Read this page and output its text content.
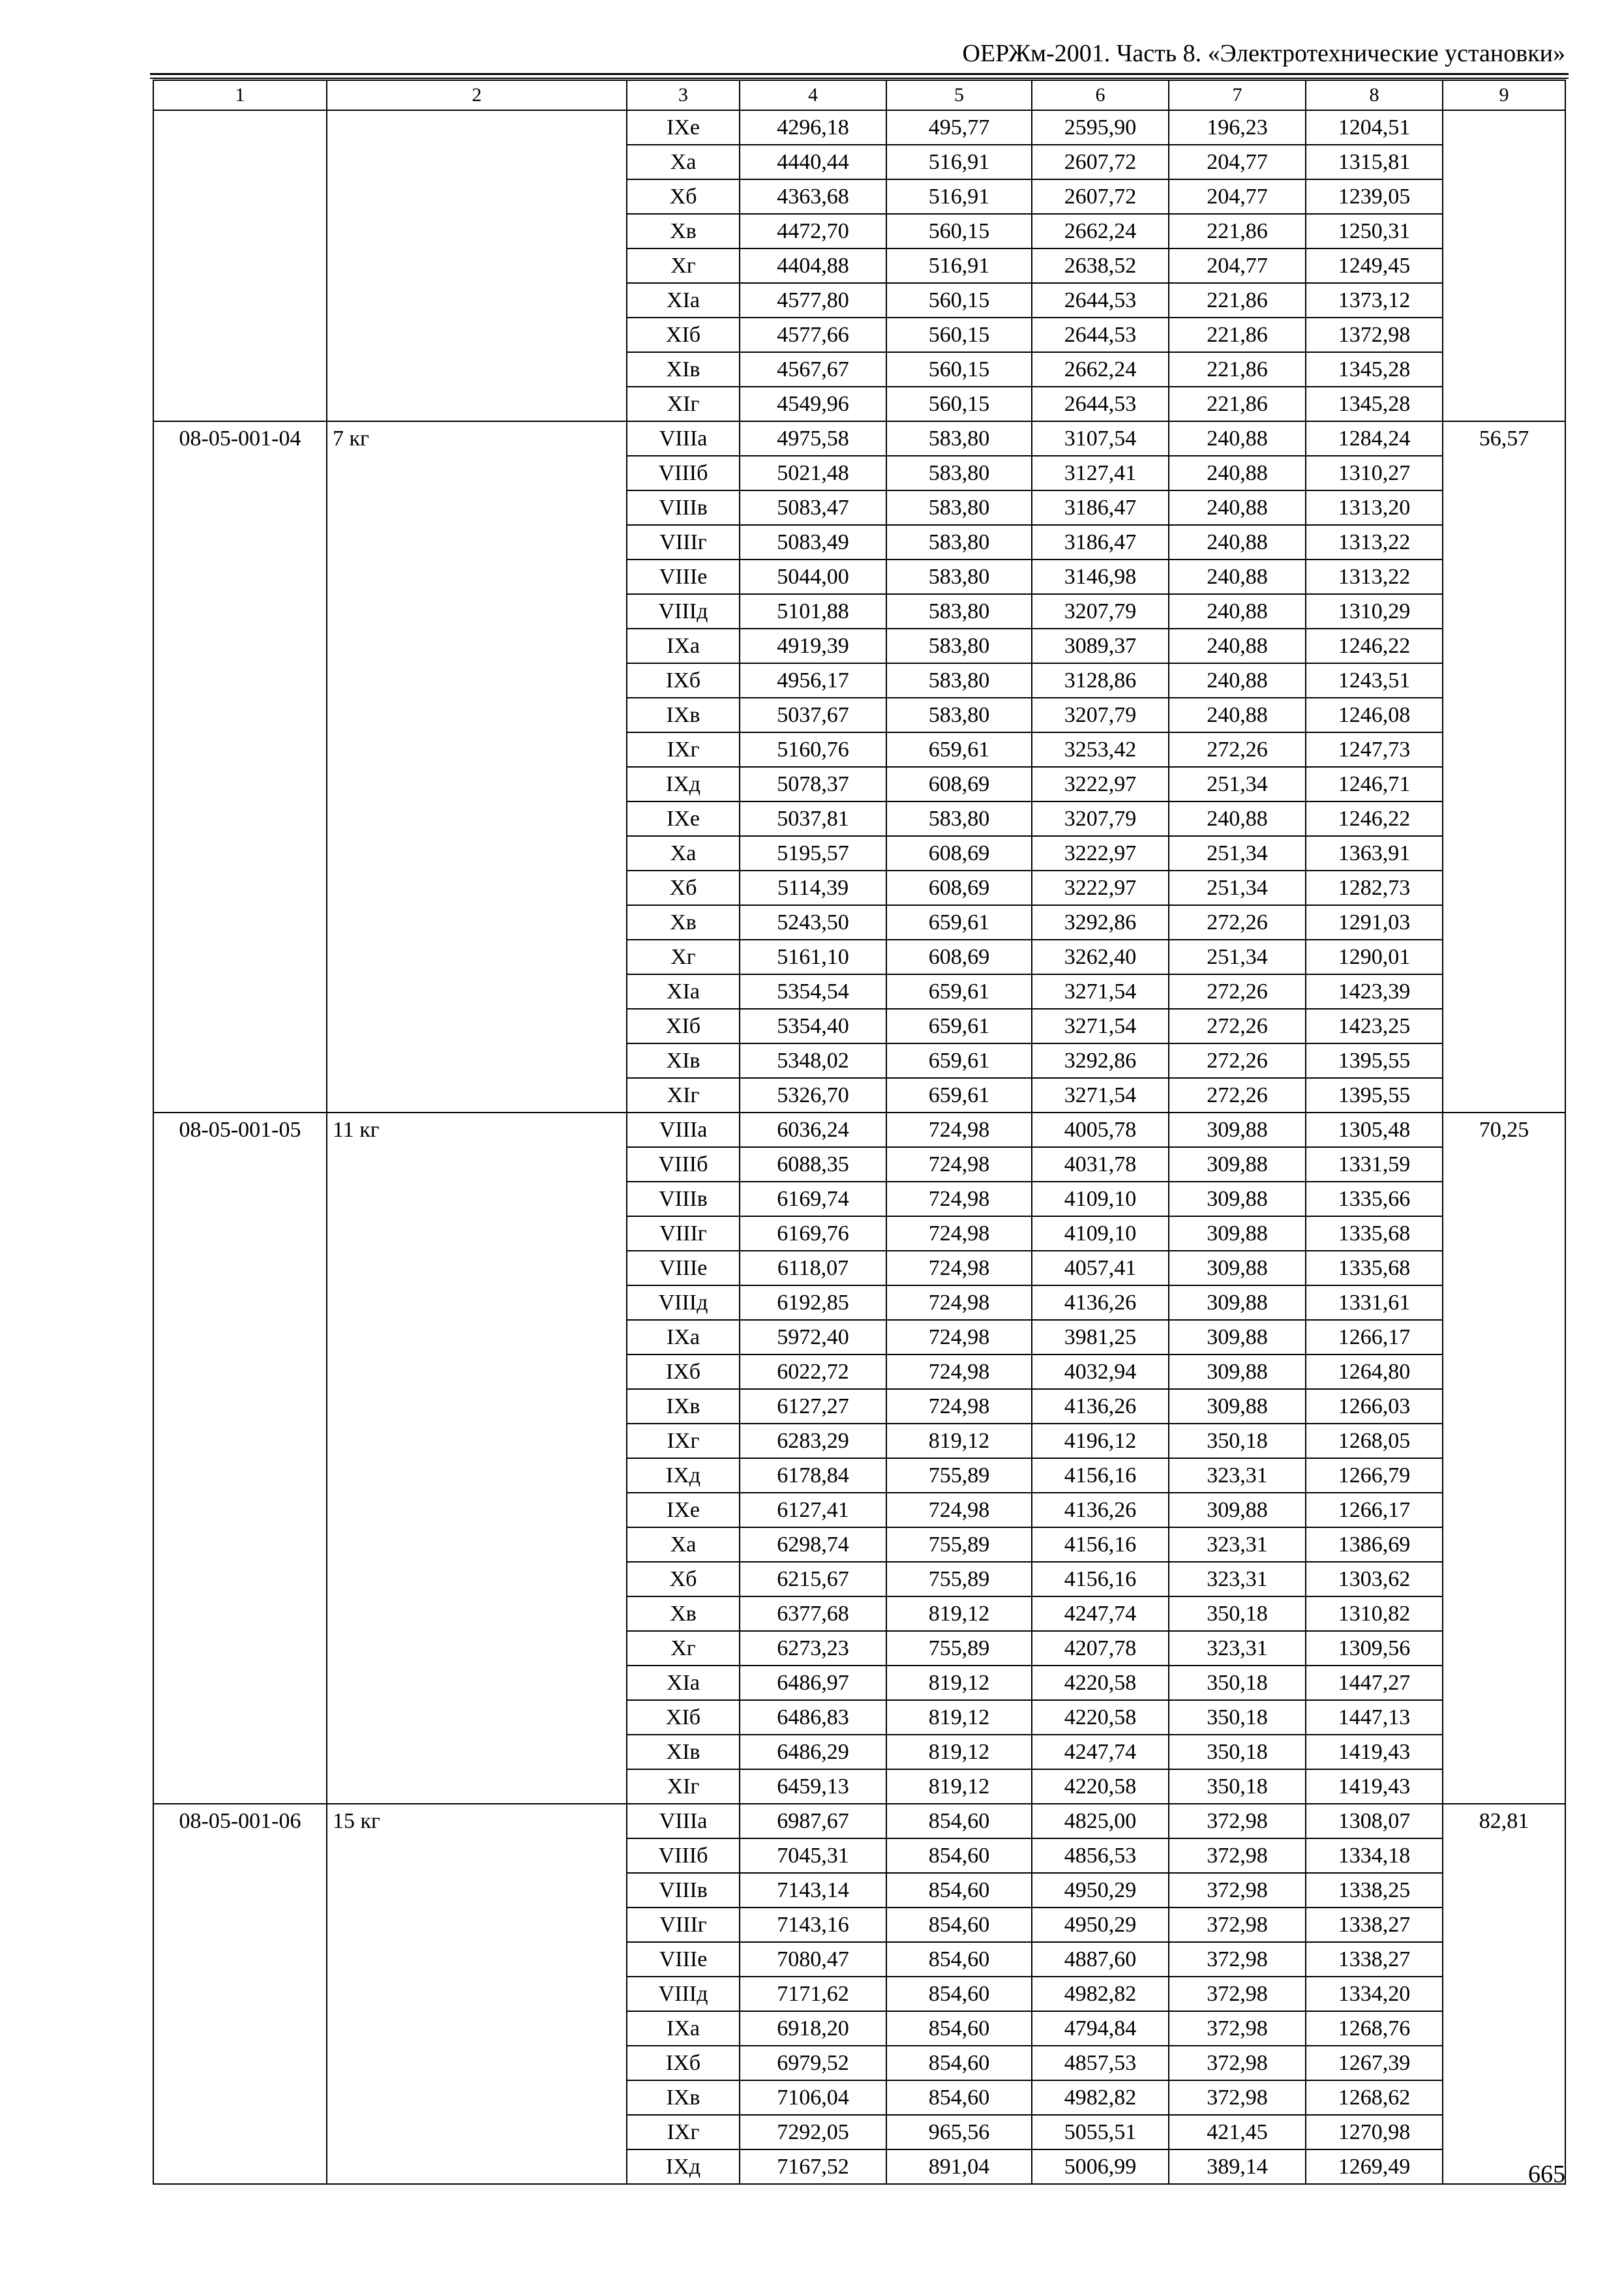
ОЕРЖм-2001. Часть 8. «Электротехнические установки»
1	2	3	4	5	6	7	8	9
		IXе	4296,18	495,77	2595,90	196,23	1204,51	
		Xа	4440,44	516,91	2607,72	204,77	1315,81	
		Xб	4363,68	516,91	2607,72	204,77	1239,05	
		Xв	4472,70	560,15	2662,24	221,86	1250,31	
		Xг	4404,88	516,91	2638,52	204,77	1249,45	
		XIа	4577,80	560,15	2644,53	221,86	1373,12	
		XIб	4577,66	560,15	2644,53	221,86	1372,98	
		XIв	4567,67	560,15	2662,24	221,86	1345,28	
		XIг	4549,96	560,15	2644,53	221,86	1345,28	
08-05-001-04	7 кг	VIIIа	4975,58	583,80	3107,54	240,88	1284,24	56,57
		VIIIб	5021,48	583,80	3127,41	240,88	1310,27	
		VIIIв	5083,47	583,80	3186,47	240,88	1313,20	
		VIIIг	5083,49	583,80	3186,47	240,88	1313,22	
		VIIIе	5044,00	583,80	3146,98	240,88	1313,22	
		VIIIд	5101,88	583,80	3207,79	240,88	1310,29	
		IXа	4919,39	583,80	3089,37	240,88	1246,22	
		IXб	4956,17	583,80	3128,86	240,88	1243,51	
		IXв	5037,67	583,80	3207,79	240,88	1246,08	
		IXг	5160,76	659,61	3253,42	272,26	1247,73	
		IXд	5078,37	608,69	3222,97	251,34	1246,71	
		IXе	5037,81	583,80	3207,79	240,88	1246,22	
		Xа	5195,57	608,69	3222,97	251,34	1363,91	
		Xб	5114,39	608,69	3222,97	251,34	1282,73	
		Xв	5243,50	659,61	3292,86	272,26	1291,03	
		Xг	5161,10	608,69	3262,40	251,34	1290,01	
		XIа	5354,54	659,61	3271,54	272,26	1423,39	
		XIб	5354,40	659,61	3271,54	272,26	1423,25	
		XIв	5348,02	659,61	3292,86	272,26	1395,55	
		XIг	5326,70	659,61	3271,54	272,26	1395,55	
08-05-001-05	11 кг	VIIIа	6036,24	724,98	4005,78	309,88	1305,48	70,25
		VIIIб	6088,35	724,98	4031,78	309,88	1331,59	
		VIIIв	6169,74	724,98	4109,10	309,88	1335,66	
		VIIIг	6169,76	724,98	4109,10	309,88	1335,68	
		VIIIе	6118,07	724,98	4057,41	309,88	1335,68	
		VIIIд	6192,85	724,98	4136,26	309,88	1331,61	
		IXа	5972,40	724,98	3981,25	309,88	1266,17	
		IXб	6022,72	724,98	4032,94	309,88	1264,80	
		IXв	6127,27	724,98	4136,26	309,88	1266,03	
		IXг	6283,29	819,12	4196,12	350,18	1268,05	
		IXд	6178,84	755,89	4156,16	323,31	1266,79	
		IXе	6127,41	724,98	4136,26	309,88	1266,17	
		Xа	6298,74	755,89	4156,16	323,31	1386,69	
		Xб	6215,67	755,89	4156,16	323,31	1303,62	
		Xв	6377,68	819,12	4247,74	350,18	1310,82	
		Xг	6273,23	755,89	4207,78	323,31	1309,56	
		XIа	6486,97	819,12	4220,58	350,18	1447,27	
		XIб	6486,83	819,12	4220,58	350,18	1447,13	
		XIв	6486,29	819,12	4247,74	350,18	1419,43	
		XIг	6459,13	819,12	4220,58	350,18	1419,43	
08-05-001-06	15 кг	VIIIа	6987,67	854,60	4825,00	372,98	1308,07	82,81
		VIIIб	7045,31	854,60	4856,53	372,98	1334,18	
		VIIIв	7143,14	854,60	4950,29	372,98	1338,25	
		VIIIг	7143,16	854,60	4950,29	372,98	1338,27	
		VIIIе	7080,47	854,60	4887,60	372,98	1338,27	
		VIIIд	7171,62	854,60	4982,82	372,98	1334,20	
		IXа	6918,20	854,60	4794,84	372,98	1268,76	
		IXб	6979,52	854,60	4857,53	372,98	1267,39	
		IXв	7106,04	854,60	4982,82	372,98	1268,62	
		IXг	7292,05	965,56	5055,51	421,45	1270,98	
		IXд	7167,52	891,04	5006,99	389,14	1269,49		665
